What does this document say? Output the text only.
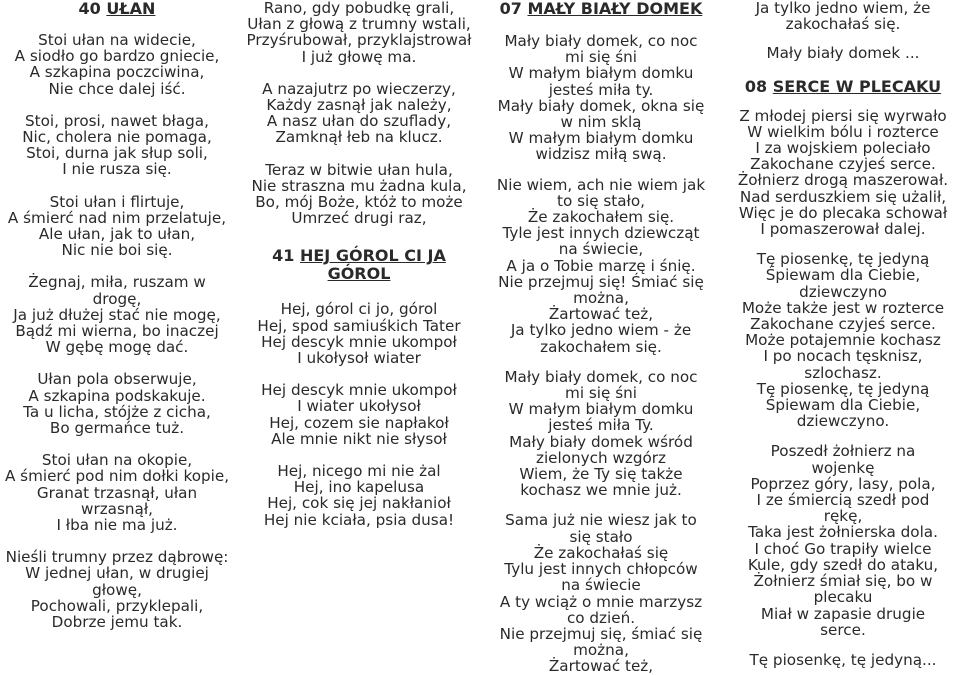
40 UŁAN
Stoi ułan na widecie,
A siodło go bardzo gniecie,
A szkapina poczciwina,
Nie chce dalej iść.
Stoi, prosi, nawet błaga,
Nic, cholera nie pomaga,
Stoi, durna jak słup soli,
I nie rusza się.
Stoi ułan i flirtuje,
A śmierć nad nim przelatuje,
Ale ułan, jak to ułan,
Nic nie boi się.
Żegnaj, miła, ruszam w
drogę,
Ja już dłużej stać nie mogę,
Bądź mi wierna, bo inaczej
W gębę mogę dać.
Ułan pola obserwuje,
A szkapina podskakuje.
Ta u licha, stójże z cicha,
Bo germańce tuż.
Stoi ułan na okopie,
A śmierć pod nim dołki kopie,
Granat trzasnął, ułan
wrzasnął,
I łba nie ma już.
Nieśli trumny przez dąbrowę:
W jednej ułan, w drugiej
głowę,
Pochowali, przyklepali,
Dobrze jemu tak.
Rano, gdy pobudkę grali,
Ułan z głową z trumny wstali,
Przyśrubował, przyklajstrował
I już głowę ma.
A nazajutrz po wieczerzy,
Każdy zasnął jak należy,
A nasz ułan do szuflady,
Zamknął łeb na klucz.
Teraz w bitwie ułan hula,
Nie straszna mu żadna kula,
Bo, mój Boże, któż to może
Umrzeć drugi raz,
41 HEJ GÓROL CI JA GÓROL
Hej, górol ci jo, górol
Hej, spod samiuśkich Tater
Hej descyk mnie ukompoł
I ukołysoł wiater
Hej descyk mnie ukompoł
I wiater ukołysoł
Hej, cozem sie napłakoł
Ale mnie nikt nie słysoł
Hej, nicego mi nie żal
Hej, ino kapelusa
Hej, cok się jej nakłanioł
Hej nie kciała, psia dusa!
07 MAŁY BIAŁY DOMEK
Mały biały domek, co noc
mi się śni
W małym białym domku
jesteś miła ty.
Mały biały domek, okna się
w nim sklą
W małym białym domku
widzisz miłą swą.
Nie wiem, ach nie wiem jak
to się stało,
Że zakochałem się.
Tyle jest innych dziewcząt
na świecie,
A ja o Tobie marzę i śnię.
Nie przejmuj się! Śmiać się
można,
Żartować też,
Ja tylko jedno wiem - że
zakochałem się.
Mały biały domek, co noc
mi się śni
W małym białym domku
jesteś miła Ty.
Mały biały domek wśród
zielonych wzgórz
Wiem, że Ty się także
kochasz we mnie już.
Sama już nie wiesz jak to
się stało
Że zakochałaś się
Tylu jest innych chłopców
na świecie
A ty wciąż o mnie marzysz
co dzień.
Nie przejmuj się, śmiać się
można,
Żartować też,
Ja tylko jedno wiem, że
zakochałaś się.
Mały biały domek ...
08 SERCE W PLECAKU
Z młodej piersi się wyrwało
W wielkim bólu i rozterce
I za wojskiem poleciało
Zakochane czyjeś serce.
Żołnierz drogą maszerował.
Nad serduszkiem się użalił,
Więc je do plecaka schował
I pomaszerował dalej.
Tę piosenkę, tę jedyną
Śpiewam dla Ciebie,
dziewczyno
Może także jest w rozterce
Zakochane czyjeś serce.
Może potajemnie kochasz
I po nocach tęsknisz,
szlochasz.
Tę piosenkę, tę jedyną
Śpiewam dla Ciebie,
dziewczyno.
Poszedł żołnierz na
wojenkę
Poprzez góry, lasy, pola,
I ze śmiercią szedł pod
rękę,
Taka jest żołnierska dola.
I choć Go trapiły wielce
Kule, gdy szedł do ataku,
Żołnierz śmiał się, bo w
plecaku
Miał w zapasie drugie
serce.
Tę piosenkę, tę jedyną...
